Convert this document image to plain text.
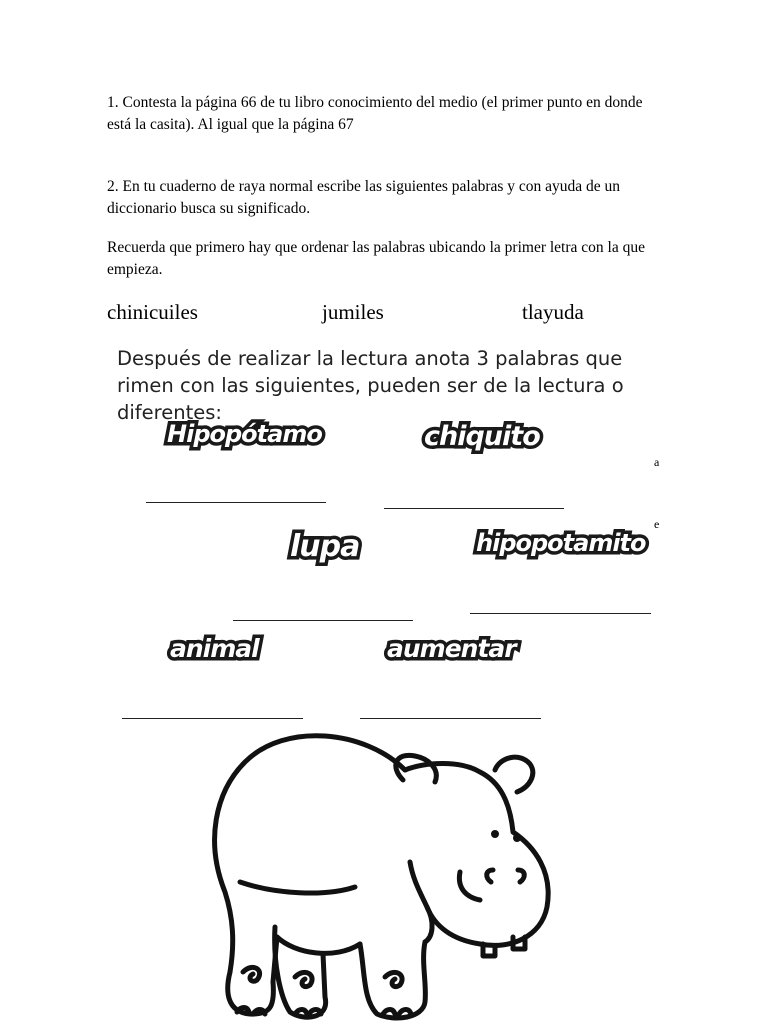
1. Contesta la página 66 de tu libro conocimiento del medio (el primer punto en donde está la casita). Al igual que la página 67

2. En tu cuaderno de raya normal escribe las siguientes palabras y con ayuda de un diccionario busca su significado.

Recuerda que primero hay que ordenar las palabras ubicando la primer letra con la que empieza.

chinicuiles	jumiles	tlayuda

Después de realizar la lectura anota 3 palabras que rimen con las siguientes, pueden ser de la lectura o diferentes:

Hipopótamo	chiquito
lupa	hipopotamito
animal	aumentar
a
e
